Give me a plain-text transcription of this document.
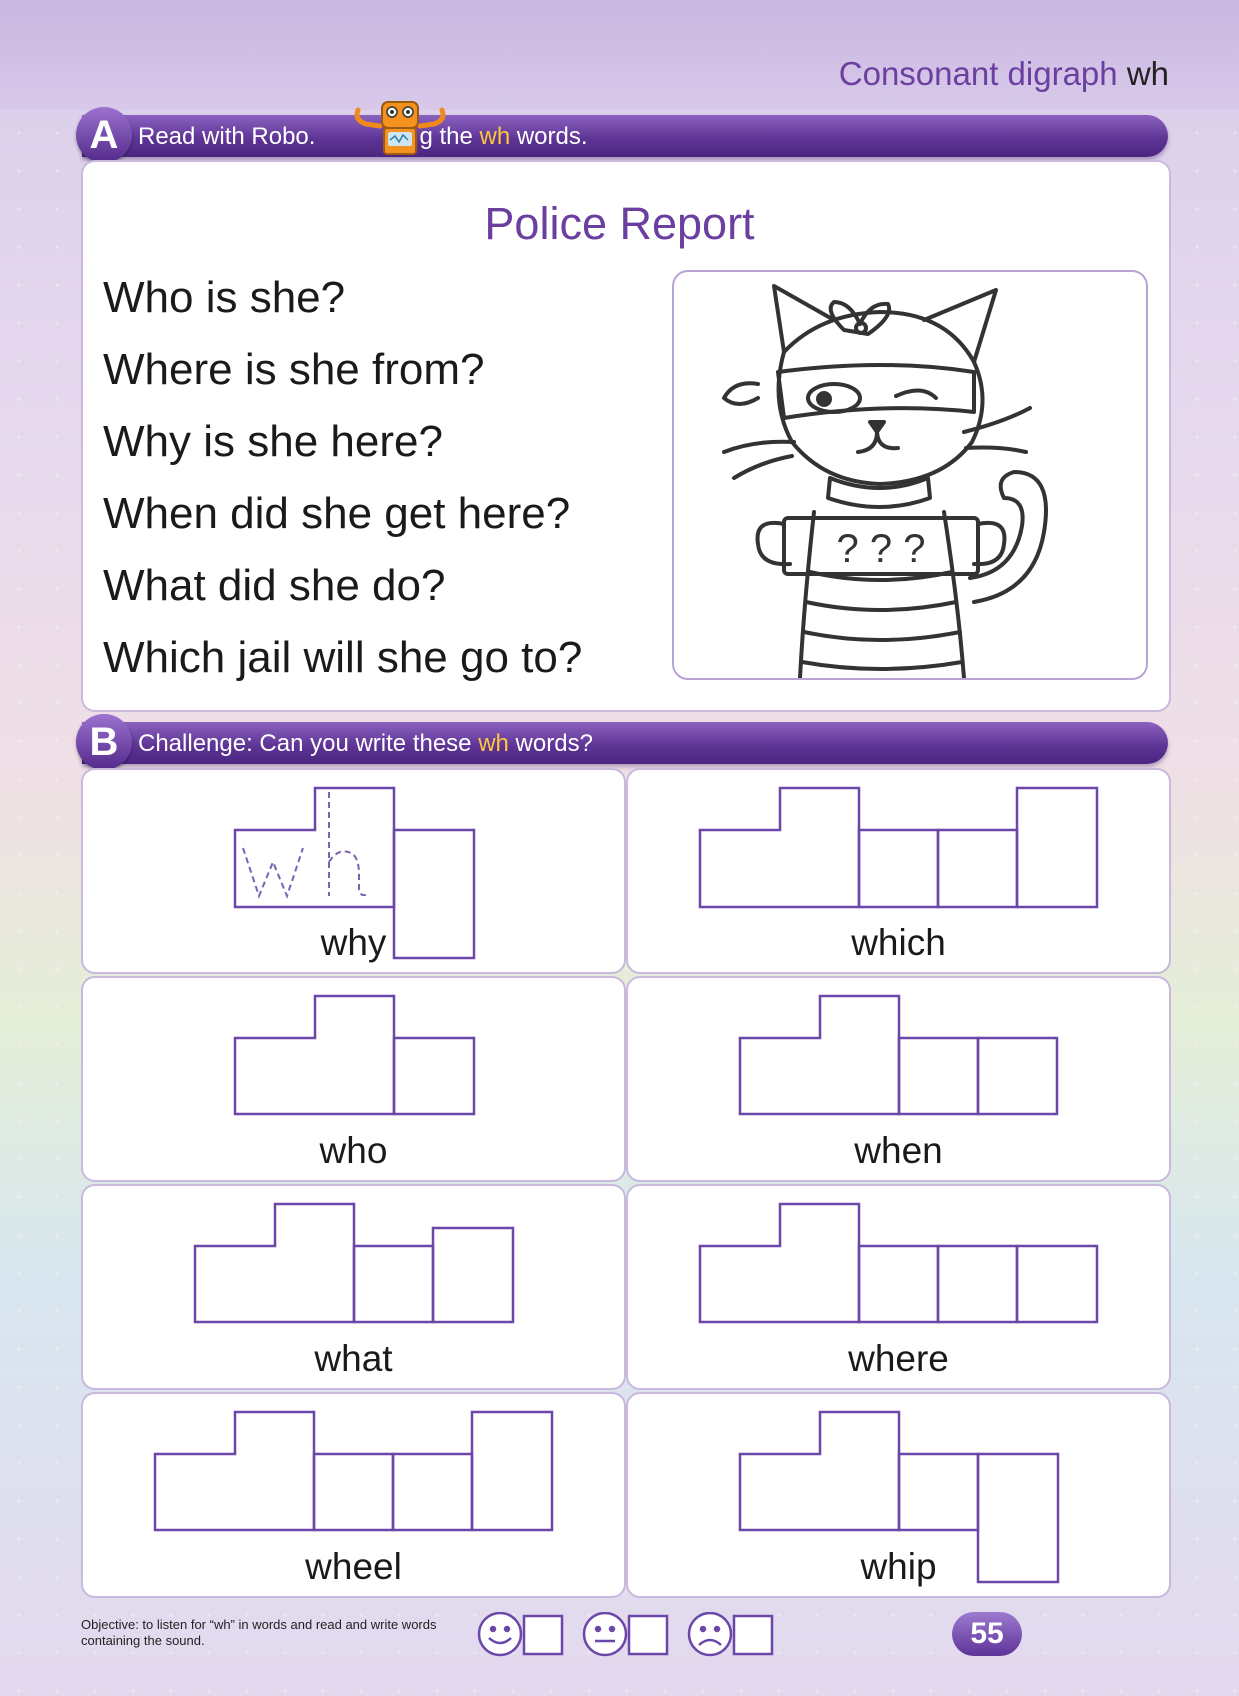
Consonant digraph wh
A Read with Robo.	g the wh words.
Police Report
Who is she?
Where is she from?
Why is she here?
When did she get here?
What did she do?
Which jail will she go to?
? ? ?
B Challenge: Can you write these wh words?
wh
why	which
who	when
what	where
wheel	whip
Objective: to listen for “wh” in words and read and write words containing the sound.	55
